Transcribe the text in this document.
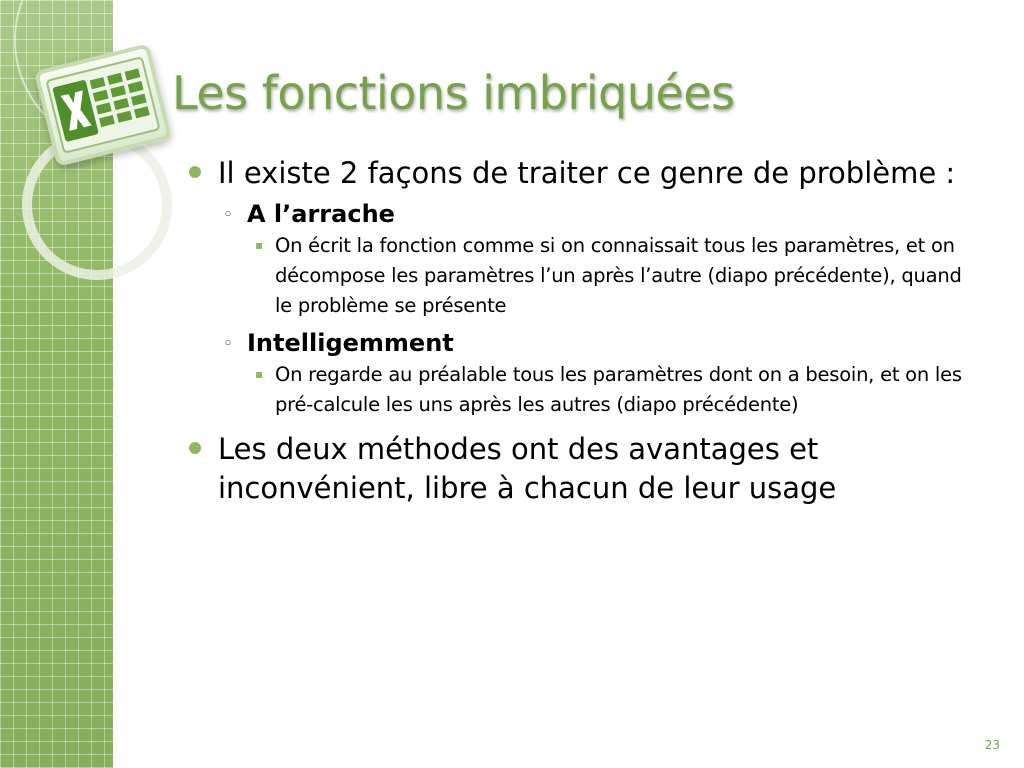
Les fonctions imbriquées
Il existe 2 façons de traiter ce genre de problème :
◦ A l’arrache
▪ On écrit la fonction comme si on connaissait tous les paramètres, et on décompose les paramètres l’un après l’autre (diapo précédente), quand le problème se présente
◦ Intelligemment
▪ On regarde au préalable tous les paramètres dont on a besoin, et on les pré-calcule les uns après les autres (diapo précédente)
Les deux méthodes ont des avantages et inconvénient, libre à chacun de leur usage
23
